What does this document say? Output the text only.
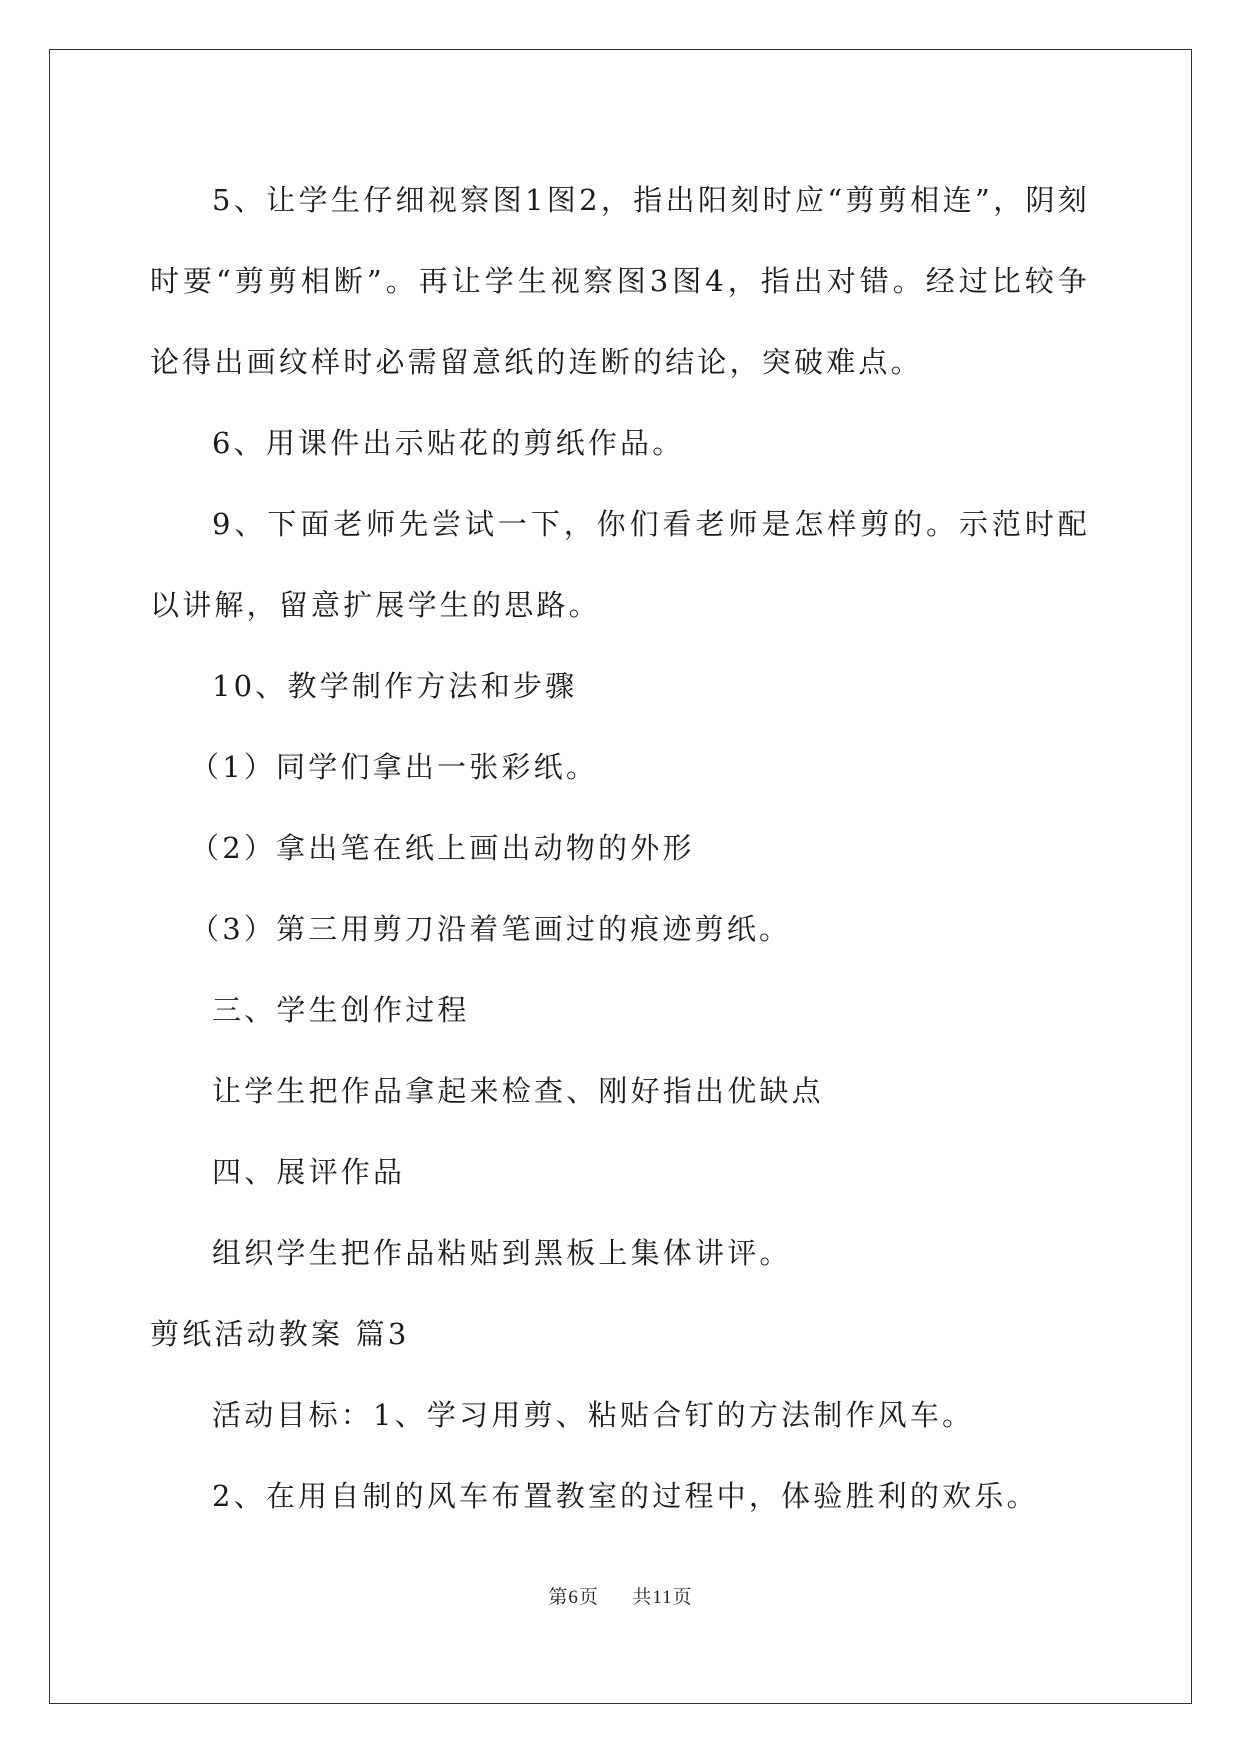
5、让学生仔细视察图1图2，指出阳刻时应“剪剪相连”，阴刻时要“剪剪相断”。再让学生视察图3图4，指出对错。经过比较争论得出画纹样时必需留意纸的连断的结论，突破难点。

6、用课件出示贴花的剪纸作品。

9、下面老师先尝试一下，你们看老师是怎样剪的。示范时配以讲解，留意扩展学生的思路。

10、教学制作方法和步骤

（1）同学们拿出一张彩纸。

（2）拿出笔在纸上画出动物的外形

（3）第三用剪刀沿着笔画过的痕迹剪纸。

三、学生创作过程

让学生把作品拿起来检查、刚好指出优缺点

四、展评作品

组织学生把作品粘贴到黑板上集体讲评。

剪纸活动教案 篇3

活动目标：1、学习用剪、粘贴合钉的方法制作风车。

2、在用自制的风车布置教室的过程中，体验胜利的欢乐。

第6页 共11页
